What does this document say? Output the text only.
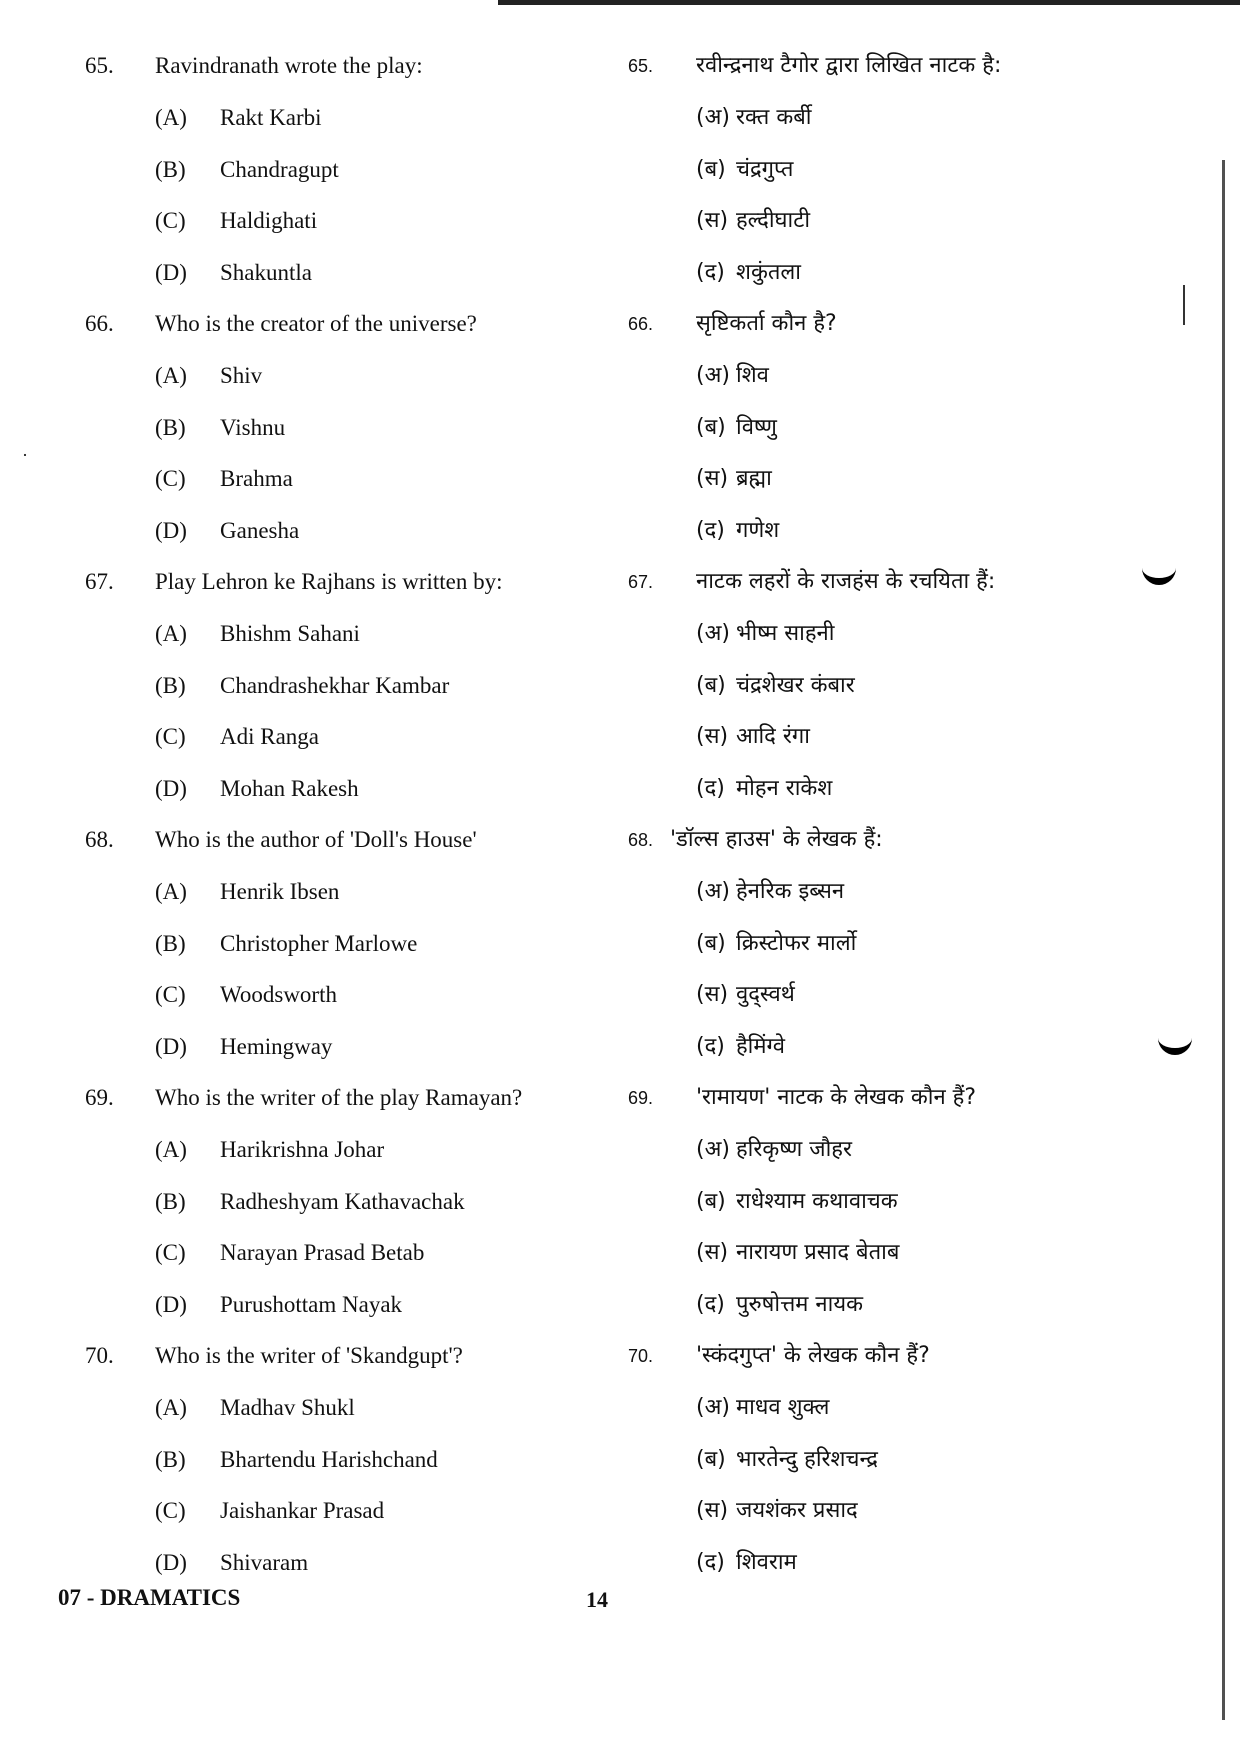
·
65. Ravindranath wrote the play:
(A) Rakt Karbi
(B) Chandragupt
(C) Haldighati
(D) Shakuntla
66. Who is the creator of the universe?
(A) Shiv
(B) Vishnu
(C) Brahma
(D) Ganesha
67. Play Lehron ke Rajhans is written by:
(A) Bhishm Sahani
(B) Chandrashekhar Kambar
(C) Adi Ranga
(D) Mohan Rakesh
68. Who is the author of 'Doll's House'
(A) Henrik Ibsen
(B) Christopher Marlowe
(C) Woodsworth
(D) Hemingway
69. Who is the writer of the play Ramayan?
(A) Harikrishna Johar
(B) Radheshyam Kathavachak
(C) Narayan Prasad Betab
(D) Purushottam Nayak
70. Who is the writer of 'Skandgupt'?
(A) Madhav Shukl
(B) Bhartendu Harishchand
(C) Jaishankar Prasad
(D) Shivaram
65. रवीन्द्रनाथ टैगोर द्वारा लिखित नाटक है:
(अ) रक्त कर्बी
(ब) चंद्रगुप्त
(स) हल्दीघाटी
(द) शकुंतला
66. सृष्टिकर्ता कौन है?
(अ) शिव
(ब) विष्णु
(स) ब्रह्मा
(द) गणेश
67. नाटक लहरों के राजहंस के रचयिता हैं:
(अ) भीष्म साहनी
(ब) चंद्रशेखर कंबार
(स) आदि रंगा
(द) मोहन राकेश
68. 'डॉल्स हाउस' के लेखक हैं:
(अ) हेनरिक इब्सन
(ब) क्रिस्टोफर मार्लो
(स) वुद्स्वर्थ
(द) हैमिंग्वे
69. 'रामायण' नाटक के लेखक कौन हैं?
(अ) हरिकृष्ण जौहर
(ब) राधेश्याम कथावाचक
(स) नारायण प्रसाद बेताब
(द) पुरुषोत्तम नायक
70. 'स्कंदगुप्त' के लेखक कौन हैं?
(अ) माधव शुक्ल
(ब) भारतेन्दु हरिशचन्द्र
(स) जयशंकर प्रसाद
(द) शिवराम
07 - DRAMATICS	14
